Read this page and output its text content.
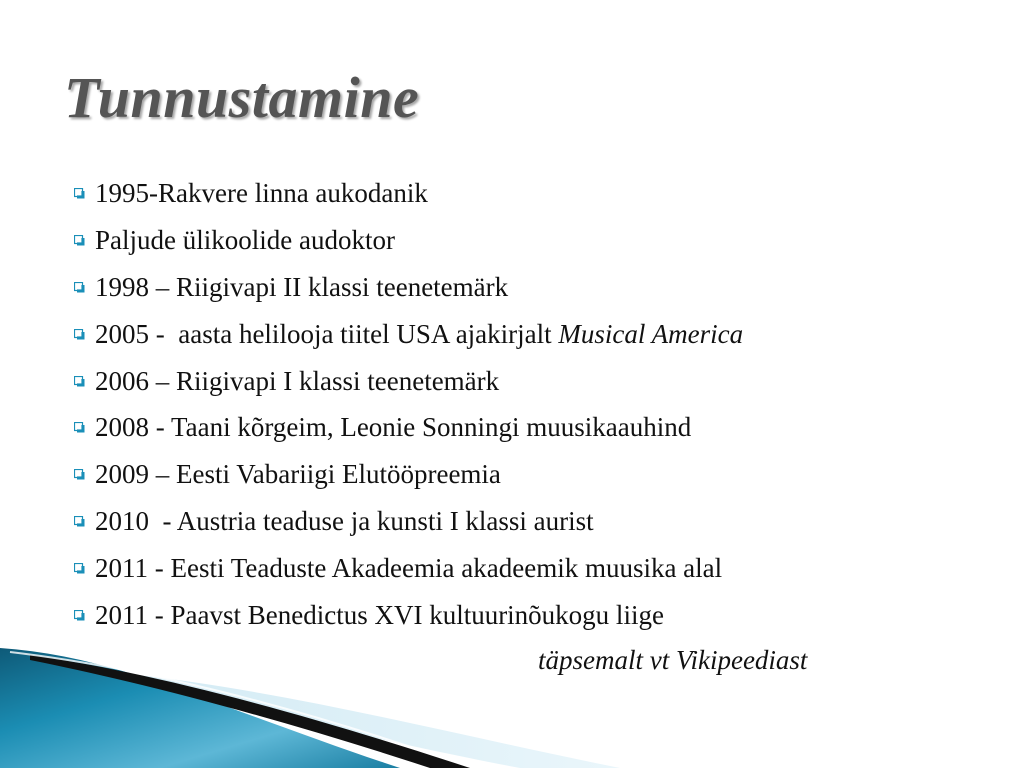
Tunnustamine
1995-Rakvere linna aukodanik
Paljude ülikoolide audoktor
1998 – Riigivapi II klassi teenetemärk
2005 -  aasta helilooja tiitel USA ajakirjalt Musical America
2006 – Riigivapi I klassi teenetemärk
2008 - Taani kõrgeim, Leonie Sonningi muusikaauhind
2009 – Eesti Vabariigi Elutööpreemia
2010  - Austria teaduse ja kunsti I klassi aurist
2011 - Eesti Teaduste Akadeemia akadeemik muusika alal
2011 - Paavst Benedictus XVI kultuurinõukogu liige
täpsemalt vt Vikipeediast
